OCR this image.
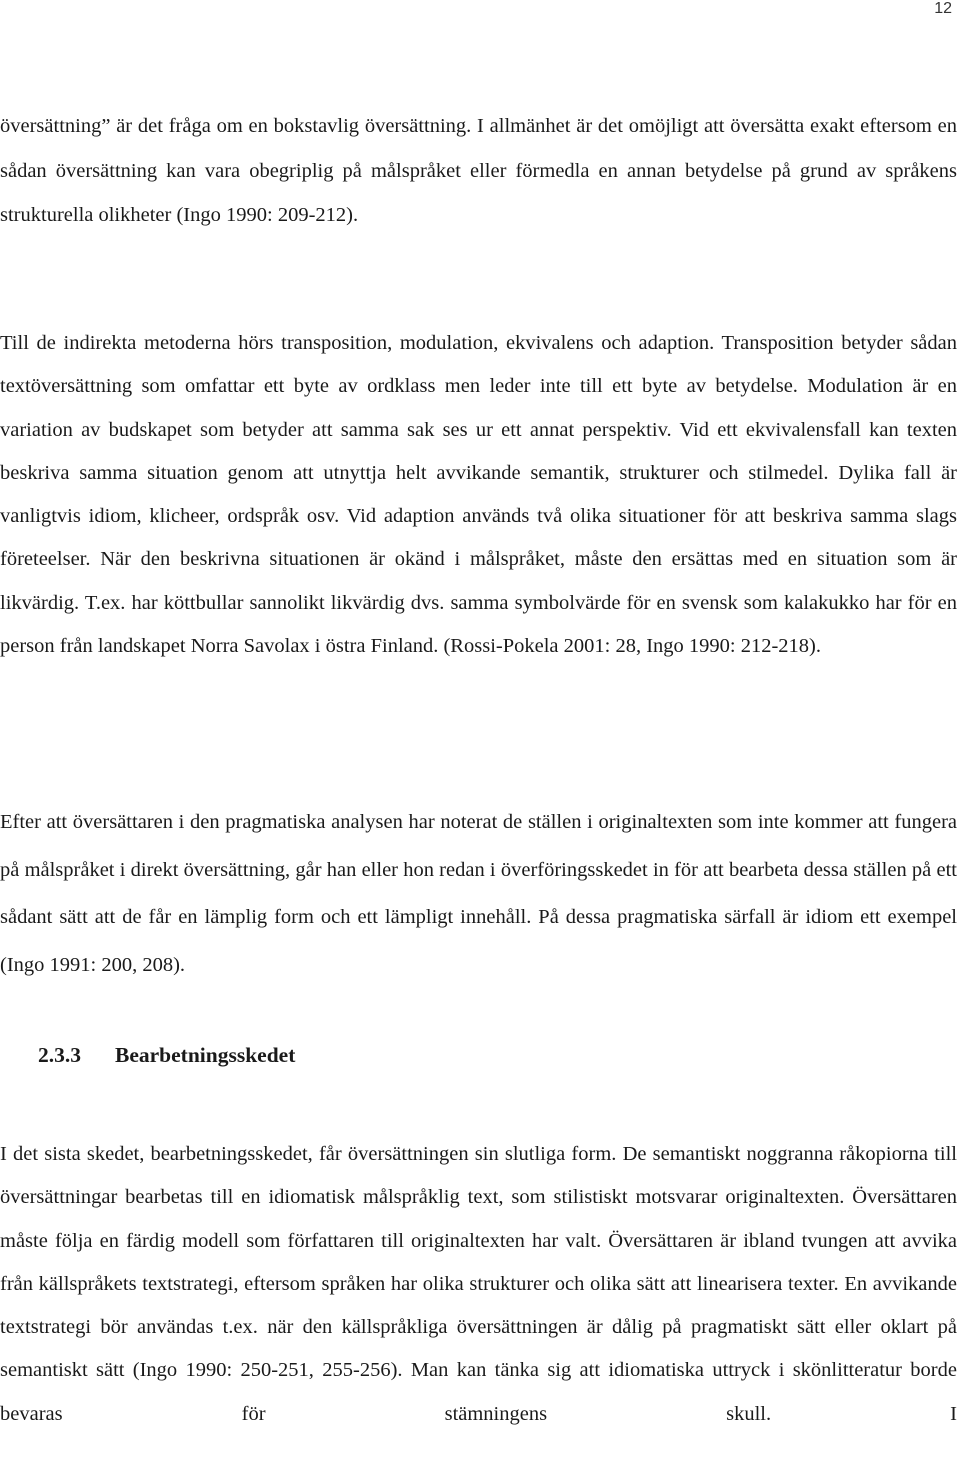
12

översättning” är det fråga om en bokstavlig översättning. I allmänhet är det omöjligt att översätta exakt eftersom en sådan översättning kan vara obegriplig på målspråket eller förmedla en annan betydelse på grund av språkens strukturella olikheter (Ingo 1990: 209-212).

Till de indirekta metoderna hörs transposition, modulation, ekvivalens och adaption. Transposition betyder sådan textöversättning som omfattar ett byte av ordklass men leder inte till ett byte av betydelse. Modulation är en variation av budskapet som betyder att samma sak ses ur ett annat perspektiv. Vid ett ekvivalensfall kan texten beskriva samma situation genom att utnyttja helt avvikande semantik, strukturer och stilmedel. Dylika fall är vanligtvis idiom, klicheer, ordspråk osv. Vid adaption används två olika situationer för att beskriva samma slags företeelser. När den beskrivna situationen är okänd i målspråket, måste den ersättas med en situation som är likvärdig. T.ex. har köttbullar sannolikt likvärdig dvs. samma symbolvärde för en svensk som kalakukko har för en person från landskapet Norra Savolax i östra Finland. (Rossi-Pokela 2001: 28, Ingo 1990: 212-218).

Efter att översättaren i den pragmatiska analysen har noterat de ställen i originaltexten som inte kommer att fungera på målspråket i direkt översättning, går han eller hon redan i överföringsskedet in för att bearbeta dessa ställen på ett sådant sätt att de får en lämplig form och ett lämpligt innehåll. På dessa pragmatiska särfall är idiom ett exempel (Ingo 1991: 200, 208).

2.3.3 Bearbetningsskedet

I det sista skedet, bearbetningsskedet, får översättningen sin slutliga form. De semantiskt noggranna råkopiorna till översättningar bearbetas till en idiomatisk målspråklig text, som stilistiskt motsvarar originaltexten. Översättaren måste följa en färdig modell som författaren till originaltexten har valt. Översättaren är ibland tvungen att avvika från källspråkets textstrategi, eftersom språken har olika strukturer och olika sätt att linearisera texter. En avvikande textstrategi bör användas t.ex. när den källspråkliga översättningen är dålig på pragmatiskt sätt eller oklart på semantiskt sätt (Ingo 1990: 250-251, 255-256). Man kan tänka sig att idiomatiska uttryck i skönlitteratur borde bevaras för stämningens skull. I
